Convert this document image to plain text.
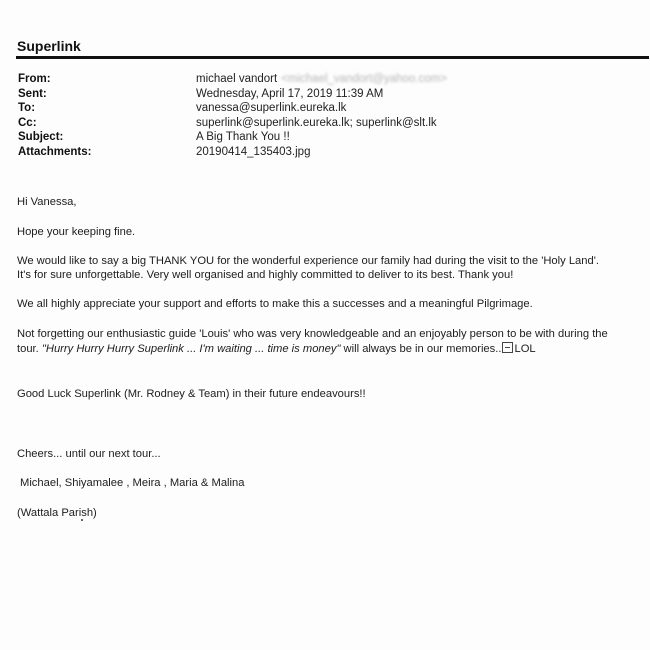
Superlink
From:	michael vandort <michael_vandort@yahoo.com>
Sent:	Wednesday, April 17, 2019 11:39 AM
To:	vanessa@superlink.eureka.lk
Cc:	superlink@superlink.eureka.lk; superlink@slt.lk
Subject:	A Big Thank You !!
Attachments:	20190414_135403.jpg
Hi Vanessa,
Hope your keeping fine.
We would like to say a big THANK YOU for the wonderful experience our family had during the visit to the 'Holy Land'.
It's for sure unforgettable. Very well organised and highly committed to deliver to its best. Thank you!
We all highly appreciate your support and efforts to make this a successes and a meaningful Pilgrimage.
Not forgetting our enthusiastic guide 'Louis' who was very knowledgeable and an enjoyably person to be with during the
tour. "Hurry Hurry Hurry Superlink ... I'm waiting ... time is money" will always be in our memories.. LOL
Good Luck Superlink (Mr. Rodney & Team) in their future endeavours!!
Cheers... until our next tour...
Michael, Shiyamalee , Meira , Maria & Malina
(Wattala Parish)
